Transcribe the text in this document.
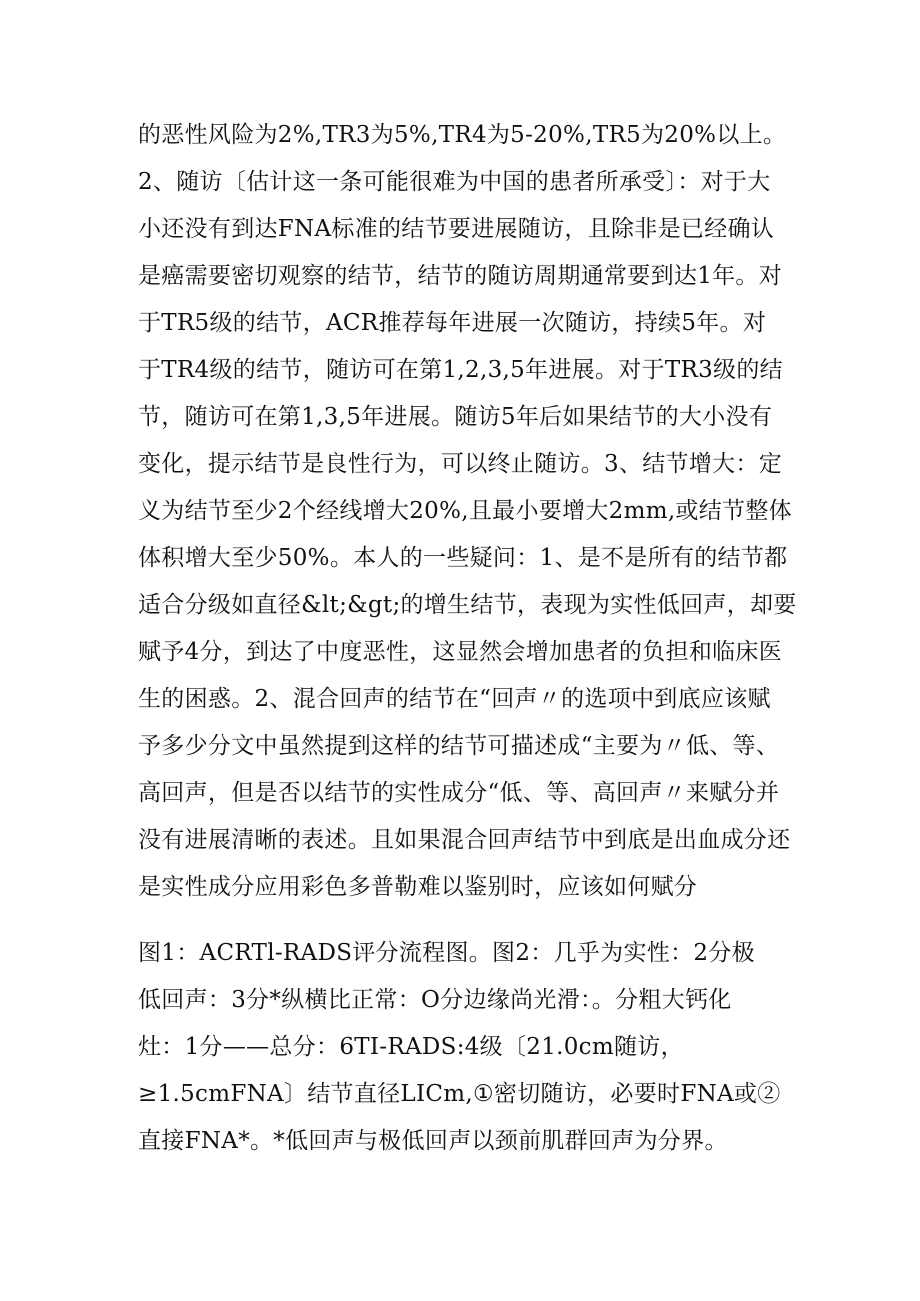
的恶性风险为2%,TR3为5%,TR4为5-20%,TR5为20%以上。
2、随访〔估计这一条可能很难为中国的患者所承受〕：对于大
小还没有到达FNA标准的结节要进展随访，且除非是已经确认
是癌需要密切观察的结节，结节的随访周期通常要到达1年。对
于TR5级的结节，ACR推荐每年进展一次随访，持续5年。对
于TR4级的结节，随访可在第1,2,3,5年进展。对于TR3级的结
节，随访可在第1,3,5年进展。随访5年后如果结节的大小没有
变化，提示结节是良性行为，可以终止随访。3、结节增大：定
义为结节至少2个经线增大20%,且最小要增大2mm,或结节整体
体积增大至少50%。本人的一些疑问：1、是不是所有的结节都
适合分级如直径&lt;&gt;的增生结节，表现为实性低回声，却要
赋予4分，到达了中度恶性，这显然会增加患者的负担和临床医
生的困惑。2、混合回声的结节在“回声〃的选项中到底应该赋
予多少分文中虽然提到这样的结节可描述成“主要为〃低、等、
高回声，但是否以结节的实性成分“低、等、高回声〃来赋分并
没有进展清晰的表述。且如果混合回声结节中到底是出血成分还
是实性成分应用彩色多普勒难以鉴别时，应该如何赋分
图1：ACRTl-RADS评分流程图。图2：几乎为实性：2分极
低回声：3分*纵横比正常：O分边缘尚光滑：。分粗大钙化
灶：1分——总分：6TI-RADS:4级〔21.0cm随访，
≥1.5cmFNA〕结节直径LICm,①密切随访，必要时FNA或②
直接FNA*。*低回声与极低回声以颈前肌群回声为分界。
